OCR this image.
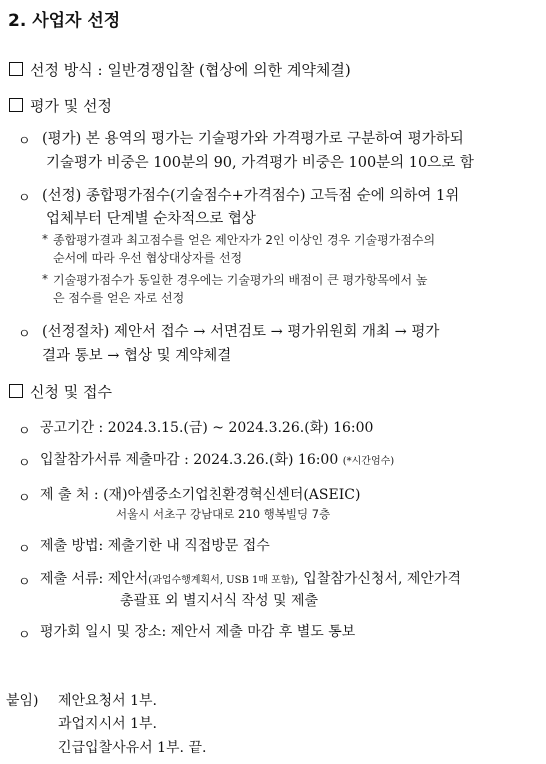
2. 사업자 선정
선정 방식 : 일반경쟁입찰 (협상에 의한 계약체결)
평가 및 선정
ㅇ (평가) 본 용역의 평가는 기술평가와 가격평가로 구분하여 평가하되
기술평가 비중은 100분의 90, 가격평가 비중은 100분의 10으로 함
ㅇ (선정) 종합평가점수(기술점수+가격점수) 고득점 순에 의하여 1위
업체부터 단계별 순차적으로 협상
* 종합평가결과 최고점수를 얻은 제안자가 2인 이상인 경우 기술평가점수의
순서에 따라 우선 협상대상자를 선정
* 기술평가점수가 동일한 경우에는 기술평가의 배점이 큰 평가항목에서 높
은 점수를 얻은 자로 선정
ㅇ (선정절차) 제안서 접수 → 서면검토 → 평가위원회 개최 → 평가
결과 통보 → 협상 및 계약체결
신청 및 접수
ㅇ 공고기간 : 2024.3.15.(금) ~ 2024.3.26.(화) 16:00
ㅇ 입찰참가서류 제출마감 : 2024.3.26.(화) 16:00 (*시간엄수)
ㅇ 제 출 처 : (재)아셈중소기업친환경혁신센터(ASEIC)
서울시 서초구 강남대로 210 행복빌딩 7층
ㅇ 제출 방법: 제출기한 내 직접방문 접수
ㅇ 제출 서류: 제안서(과업수행계획서, USB 1매 포함), 입찰참가신청서, 제안가격
총괄표 외 별지서식 작성 및 제출
ㅇ 평가회 일시 및 장소: 제안서 제출 마감 후 별도 통보
붙임) 제안요청서 1부.
과업지시서 1부.
긴급입찰사유서 1부. 끝.
